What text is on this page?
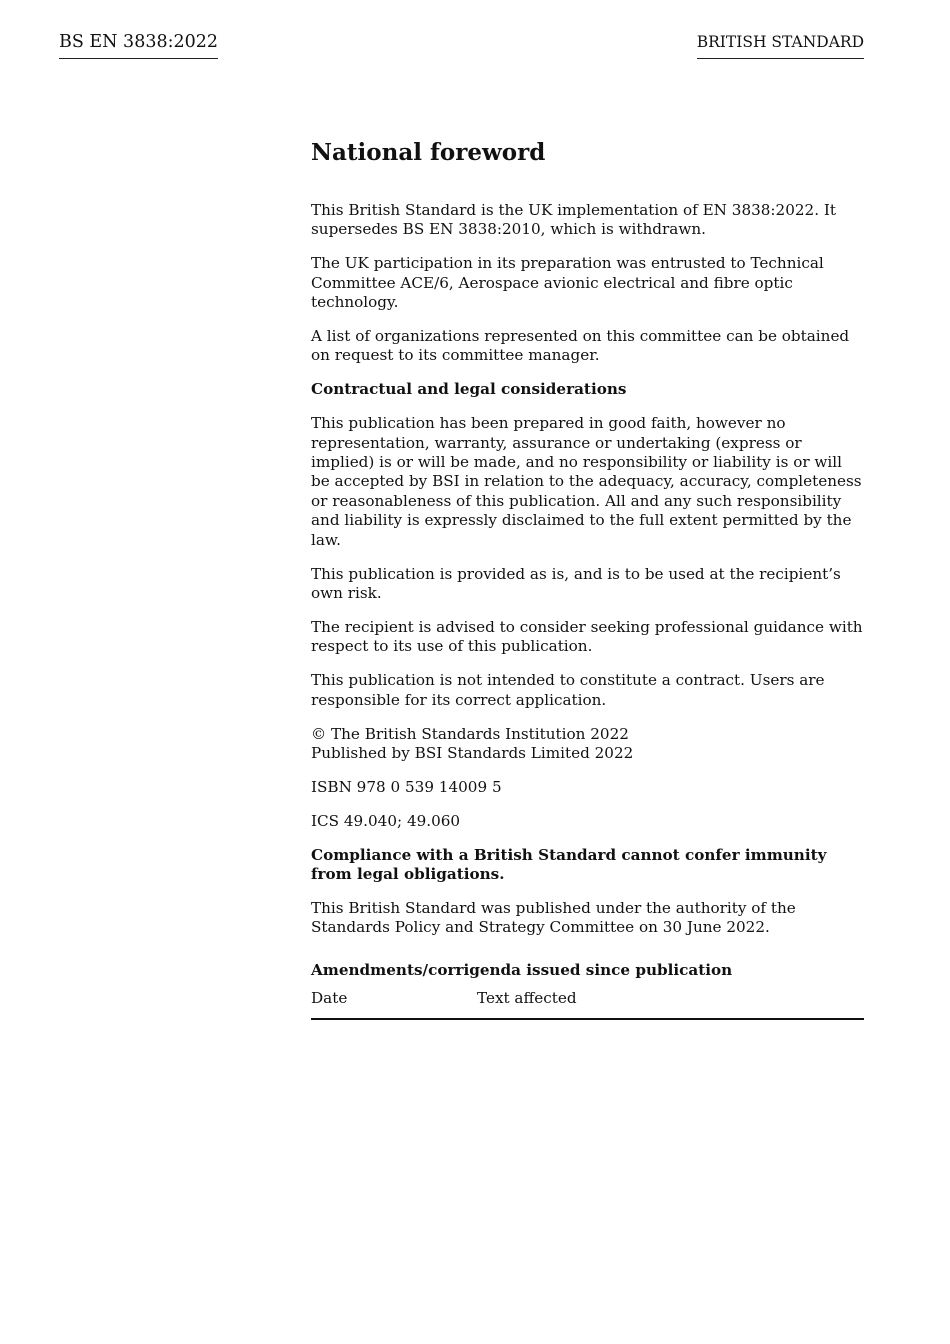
BS EN 3838:2022	BRITISH STANDARD
National foreword

This British Standard is the UK implementation of EN 3838:2022. It supersedes BS EN 3838:2010, which is withdrawn.

The UK participation in its preparation was entrusted to Technical Committee ACE/6, Aerospace avionic electrical and fibre optic technology.

A list of organizations represented on this committee can be obtained on request to its committee manager.

Contractual and legal considerations

This publication has been prepared in good faith, however no representation, warranty, assurance or undertaking (express or implied) is or will be made, and no responsibility or liability is or will be accepted by BSI in relation to the adequacy, accuracy, completeness or reasonableness of this publication. All and any such responsibility and liability is expressly disclaimed to the full extent permitted by the law.

This publication is provided as is, and is to be used at the recipient’s own risk.

The recipient is advised to consider seeking professional guidance with respect to its use of this publication.

This publication is not intended to constitute a contract. Users are responsible for its correct application.

© The British Standards Institution 2022
Published by BSI Standards Limited 2022

ISBN 978 0 539 14009 5

ICS 49.040; 49.060

Compliance with a British Standard cannot confer immunity from legal obligations.

This British Standard was published under the authority of the Standards Policy and Strategy Committee on 30 June 2022.

Amendments/corrigenda issued since publication
Date	Text affected
